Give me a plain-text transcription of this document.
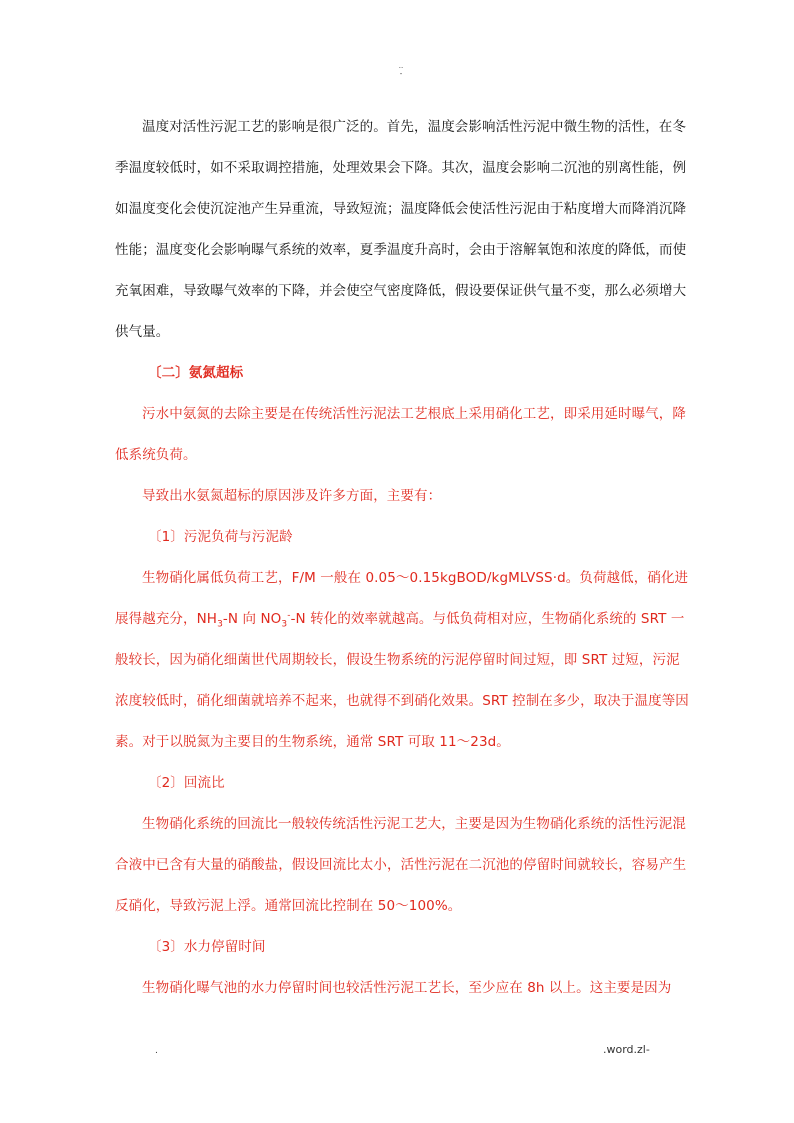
..
-

温度对活性污泥工艺的影响是很广泛的。首先，温度会影响活性污泥中微生物的活性，在冬季温度较低时，如不采取调控措施，处理效果会下降。其次，温度会影响二沉池的别离性能，例如温度变化会使沉淀池产生异重流，导致短流；温度降低会使活性污泥由于粘度增大而降消沉降性能；温度变化会影响曝气系统的效率，夏季温度升高时，会由于溶解氧饱和浓度的降低，而使充氧困难，导致曝气效率的下降，并会使空气密度降低，假设要保证供气量不变，那么必须增大供气量。

〔二〕氨氮超标

污水中氨氮的去除主要是在传统活性污泥法工艺根底上采用硝化工艺，即采用延时曝气，降低系统负荷。

导致出水氨氮超标的原因涉及许多方面，主要有：

〔1〕污泥负荷与污泥龄

生物硝化属低负荷工艺，F/M 一般在 0.05～0.15kgBOD/kgMLVSS·d。负荷越低，硝化进展得越充分，$NH_3-N$ 向 $NO_3^--N$ 转化的效率就越高。与低负荷相对应，生物硝化系统的 SRT 一般较长，因为硝化细菌世代周期较长，假设生物系统的污泥停留时间过短，即 SRT 过短，污泥浓度较低时，硝化细菌就培养不起来，也就得不到硝化效果。SRT 控制在多少，取决于温度等因素。对于以脱氮为主要目的生物系统，通常 SRT 可取 11～23d。

〔2〕回流比

生物硝化系统的回流比一般较传统活性污泥工艺大，主要是因为生物硝化系统的活性污泥混合液中已含有大量的硝酸盐，假设回流比太小，活性污泥在二沉池的停留时间就较长，容易产生反硝化，导致污泥上浮。通常回流比控制在 50～100%。

〔3〕水力停留时间

生物硝化曝气池的水力停留时间也较活性污泥工艺长，至少应在 8h 以上。这主要是因为

.	.word.zl-
